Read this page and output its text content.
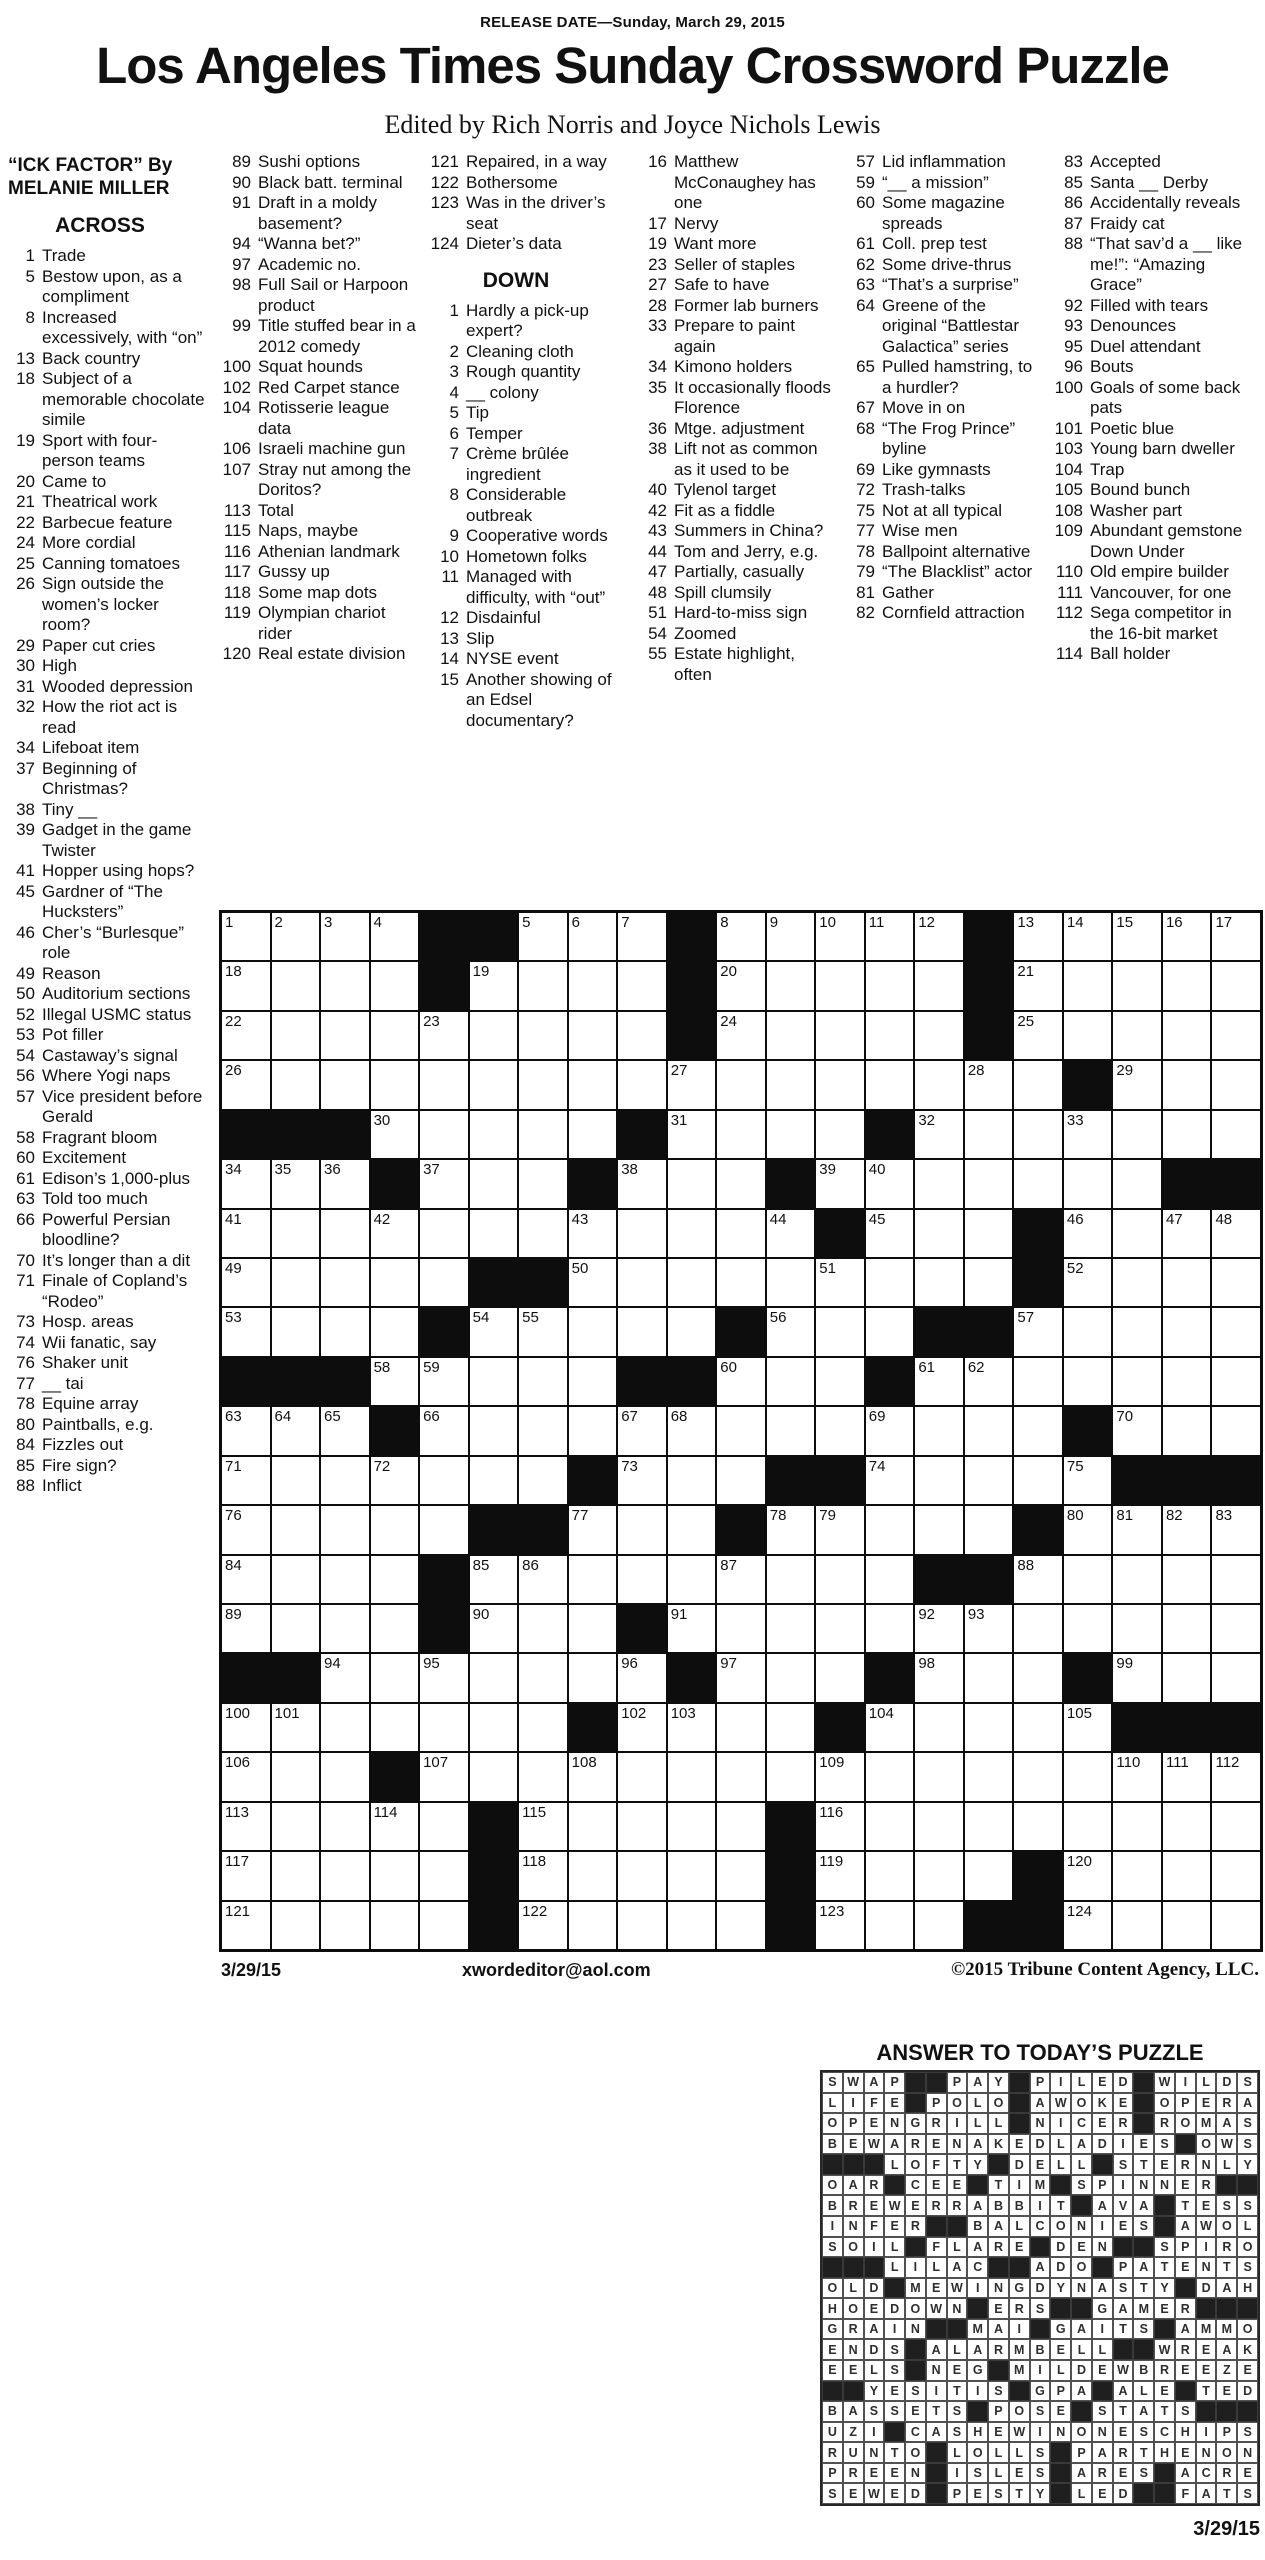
RELEASE DATE—Sunday, March 29, 2015
Los Angeles Times Sunday Crossword Puzzle
Edited by Rich Norris and Joyce Nichols Lewis
“ICK FACTOR” By
MELANIE MILLER
ACROSS
1 Trade
5 Bestow upon, as a compliment
8 Increased excessively, with “on”
13 Back country
18 Subject of a memorable chocolate simile
19 Sport with four-person teams
20 Came to
21 Theatrical work
22 Barbecue feature
24 More cordial
25 Canning tomatoes
26 Sign outside the women’s locker room?
29 Paper cut cries
30 High
31 Wooded depression
32 How the riot act is read
34 Lifeboat item
37 Beginning of Christmas?
38 Tiny __
39 Gadget in the game Twister
41 Hopper using hops?
45 Gardner of “The Hucksters”
46 Cher’s “Burlesque” role
49 Reason
50 Auditorium sections
52 Illegal USMC status
53 Pot filler
54 Castaway’s signal
56 Where Yogi naps
57 Vice president before Gerald
58 Fragrant bloom
60 Excitement
61 Edison’s 1,000-plus
63 Told too much
66 Powerful Persian bloodline?
70 It’s longer than a dit
71 Finale of Copland’s “Rodeo”
73 Hosp. areas
74 Wii fanatic, say
76 Shaker unit
77 __ tai
78 Equine array
80 Paintballs, e.g.
84 Fizzles out
85 Fire sign?
88 Inflict
89 Sushi options
90 Black batt. terminal
91 Draft in a moldy basement?
94 “Wanna bet?”
97 Academic no.
98 Full Sail or Harpoon product
99 Title stuffed bear in a 2012 comedy
100 Squat hounds
102 Red Carpet stance
104 Rotisserie league data
106 Israeli machine gun
107 Stray nut among the Doritos?
113 Total
115 Naps, maybe
116 Athenian landmark
117 Gussy up
118 Some map dots
119 Olympian chariot rider
120 Real estate division
121 Repaired, in a way
122 Bothersome
123 Was in the driver’s seat
124 Dieter’s data
DOWN
1 Hardly a pick-up expert?
2 Cleaning cloth
3 Rough quantity
4 __ colony
5 Tip
6 Temper
7 Crème brûlée ingredient
8 Considerable outbreak
9 Cooperative words
10 Hometown folks
11 Managed with difficulty, with “out”
12 Disdainful
13 Slip
14 NYSE event
15 Another showing of an Edsel documentary?
16 Matthew McConaughey has one
17 Nervy
19 Want more
23 Seller of staples
27 Safe to have
28 Former lab burners
33 Prepare to paint again
34 Kimono holders
35 It occasionally floods Florence
36 Mtge. adjustment
38 Lift not as common as it used to be
40 Tylenol target
42 Fit as a fiddle
43 Summers in China?
44 Tom and Jerry, e.g.
47 Partially, casually
48 Spill clumsily
51 Hard-to-miss sign
54 Zoomed
55 Estate highlight, often
57 Lid inflammation
59 “__ a mission”
60 Some magazine spreads
61 Coll. prep test
62 Some drive-thrus
63 “That’s a surprise”
64 Greene of the original “Battlestar Galactica” series
65 Pulled hamstring, to a hurdler?
67 Move in on
68 “The Frog Prince” byline
69 Like gymnasts
72 Trash-talks
75 Not at all typical
77 Wise men
78 Ballpoint alternative
79 “The Blacklist” actor
81 Gather
82 Cornfield attraction
83 Accepted
85 Santa __ Derby
86 Accidentally reveals
87 Fraidy cat
88 “That sav’d a __ like me!”: “Amazing Grace”
92 Filled with tears
93 Denounces
95 Duel attendant
96 Bouts
100 Goals of some back pats
101 Poetic blue
103 Young barn dweller
104 Trap
105 Bound bunch
108 Washer part
109 Abundant gemstone Down Under
110 Old empire builder
111 Vancouver, for one
112 Sega competitor in the 16-bit market
114 Ball holder
1	2	3	4	5	6	7	8	9	10 11 12	13 14 15 16 17
18	19	20	21
22	23	24	25
26	27	28	29
30	31	32	33
34 35 36	37	38	39 40
41	42	43	44	45	46	47 48
49	50	51	52
53	54 55	56	57
58 59	60	61 62
63 64 65	66	67 68	69	70
71	72	73	74	75
76	77	78 79	80 81 82 83
84	85 86	87	88
89	90	91	92 93
94	95	96	97	98	99
100 101	102 103	104	105
106	107	108	109	110 111 112
113	114	115	116
117	118	119	120
121	122	123	124
3/29/15	xwordeditor@aol.com	©2015 Tribune Content Agency, LLC.
ANSWER TO TODAY’S PUZZLE
S W A P	P A Y	P	I	L	E D	W	I	L D S
L	I	F	E	P O L O	A W O K E	O P E R A
O P E N G R	I	L	L	N	I	C E R	R O M A S
B E W A R E N A K E D L A D	I	E S	O W S
L O F	T	Y	D E	L	L	S	T	E R N L	Y
O A R	C E E	T	I	M	S P	I	N N E R
B R E W E R R A B B	I	T	A V A	T	E S S
I	N F	E R	B A L C O N	I	E S	A W O L
S O	I	L	F	L A R E	D E N	S P	I	R O
L	I	L A C	A D O	P A T	E N T	S
O L D	M E W	I	N G D Y N A S	T	Y	D A H
H O E D O W N	E R S	G A M E R
G R A	I	N	M A	I	G A	I	T	S	A M M O
E N D S	A L A R M B E	L	L	W R E A K
E E	L	S	N E G	M	I	L D E W B R E E	Z	E
Y E S	I	T	I	S	G P A	A L	E	T	E D
B A S S E	T	S	P O S E	S	T A T	S
U Z	I	C A S H E W	I	N O N E S C H	I	P S
R U N T O	L O L	L	S	P A R T H E N O N
P R E E N	I	S	L	E S	A R E S	A C R E
S E W E D	P E S	T	Y	L	E D	F A T	S
3/29/15
